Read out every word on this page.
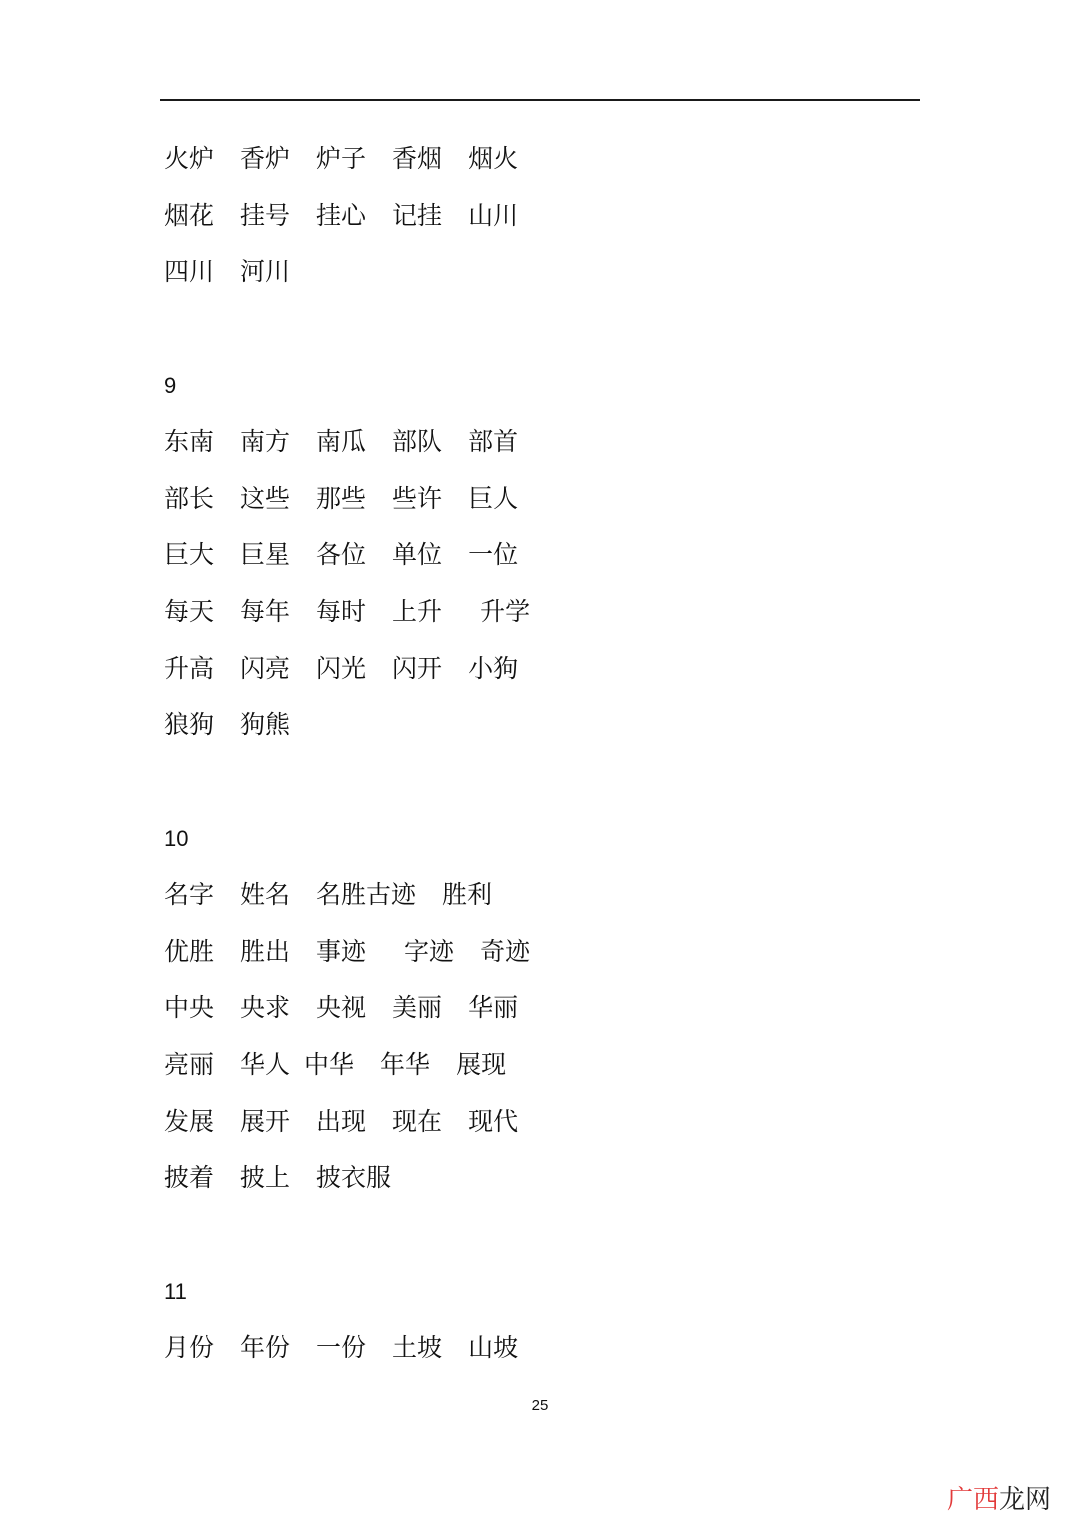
火炉 香炉 炉子 香烟 烟火
烟花 挂号 挂心 记挂 山川
四川 河川
9
东南 南方 南瓜 部队 部首
部长 这些 那些 些许 巨人
巨大 巨星 各位 单位 一位
每天 每年 每时 上升 升学
升高 闪亮 闪光 闪开 小狗
狼狗 狗熊
10
名字 姓名 名胜古迹 胜利
优胜 胜出 事迹 字迹 奇迹
中央 央求 央视 美丽 华丽
亮丽 华人 中华 年华 展现
发展 展开 出现 现在 现代
披着 披上 披衣服
11
月份 年份 一份 土坡 山坡
25
广西龙网
